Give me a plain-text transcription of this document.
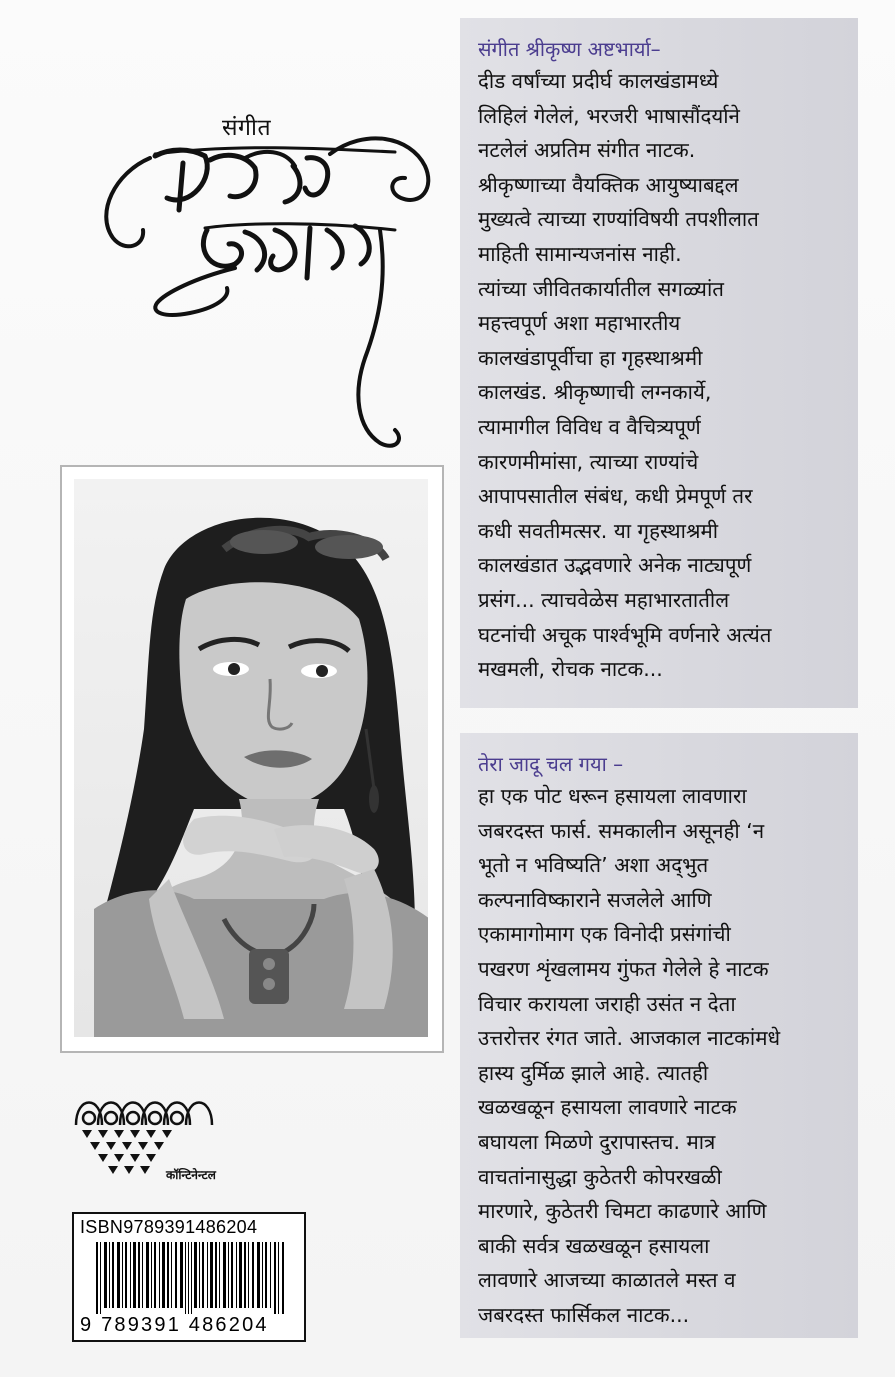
संगीत
कॉन्टिनेन्टल
ISBN9789391486204
9 789391 486204
संगीत श्रीकृष्ण अष्टभार्या–
दीड वर्षांच्या प्रदीर्घ कालखंडामध्ये
लिहिलं गेलेलं, भरजरी भाषासौंदर्याने
नटलेलं अप्रतिम संगीत नाटक.
श्रीकृष्णाच्या वैयक्तिक आयुष्याबद्दल
मुख्यत्वे त्याच्या राण्यांविषयी तपशीलात
माहिती सामान्यजनांस नाही.
त्यांच्या जीवितकार्यातील सगळ्यांत
महत्त्वपूर्ण अशा महाभारतीय
कालखंडापूर्वीचा हा गृहस्थाश्रमी
कालखंड. श्रीकृष्णाची लग्नकार्ये,
त्यामागील विविध व वैचित्र्यपूर्ण
कारणमीमांसा, त्याच्या राण्यांचे
आपापसातील संबंध, कधी प्रेमपूर्ण तर
कधी सवतीमत्सर. या गृहस्थाश्रमी
कालखंडात उद्भवणारे अनेक नाट्यपूर्ण
प्रसंग... त्याचवेळेस महाभारतातील
घटनांची अचूक पार्श्वभूमि वर्णनारे अत्यंत
मखमली, रोचक नाटक...
तेरा जादू चल गया –
हा एक पोट धरून हसायला लावणारा
जबरदस्त फार्स. समकालीन असूनही ‘न
भूतो न भविष्यति’ अशा अद्‌भुत
कल्पनाविष्काराने सजलेले आणि
एकामागोमाग एक विनोदी प्रसंगांची
पखरण शृंखलामय गुंफत गेलेले हे नाटक
विचार करायला जराही उसंत न देता
उत्तरोत्तर रंगत जाते. आजकाल नाटकांमधे
हास्य दुर्मिळ झाले आहे. त्यातही
खळखळून हसायला लावणारे नाटक
बघायला मिळणे दुरापास्तच. मात्र
वाचतांनासुद्धा कुठेतरी कोपरखळी
मारणारे, कुठेतरी चिमटा काढणारे आणि
बाकी सर्वत्र खळखळून हसायला
लावणारे आजच्या काळातले मस्त व
जबरदस्त फार्सिकल नाटक...
